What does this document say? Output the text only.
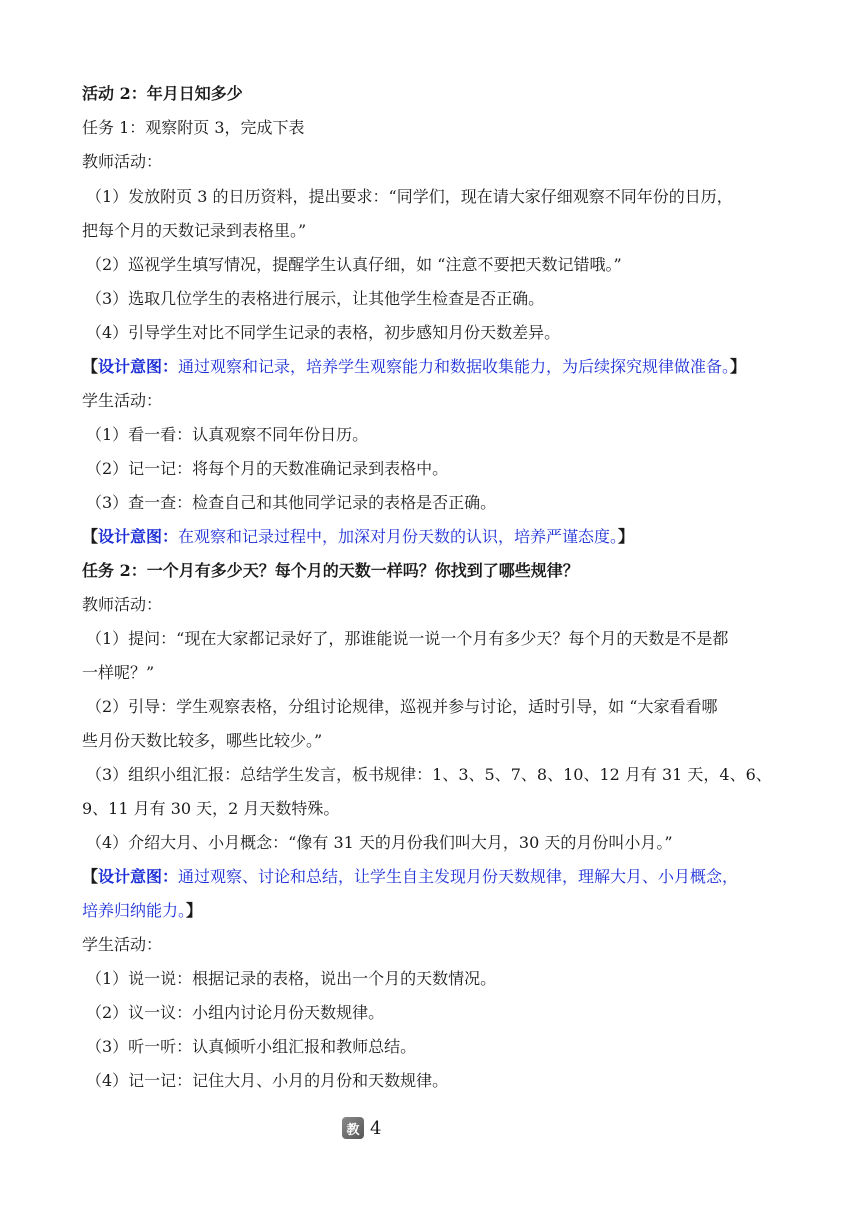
活动 2：年月日知多少
任务 1：观察附页 3，完成下表
教师活动：
（1）发放附页 3 的日历资料，提出要求：“同学们，现在请大家仔细观察不同年份的日历，
把每个月的天数记录到表格里。”
（2）巡视学生填写情况，提醒学生认真仔细，如 “注意不要把天数记错哦。”
（3）选取几位学生的表格进行展示，让其他学生检查是否正确。
（4）引导学生对比不同学生记录的表格，初步感知月份天数差异。
【设计意图：通过观察和记录，培养学生观察能力和数据收集能力，为后续探究规律做准备。】
学生活动：
（1）看一看：认真观察不同年份日历。
（2）记一记：将每个月的天数准确记录到表格中。
（3）查一查：检查自己和其他同学记录的表格是否正确。
【设计意图：在观察和记录过程中，加深对月份天数的认识，培养严谨态度。】
任务 2：一个月有多少天？每个月的天数一样吗？你找到了哪些规律？
教师活动：
（1）提问：“现在大家都记录好了，那谁能说一说一个月有多少天？每个月的天数是不是都
一样呢？”
（2）引导：学生观察表格，分组讨论规律，巡视并参与讨论，适时引导，如 “大家看看哪
些月份天数比较多，哪些比较少。”
（3）组织小组汇报：总结学生发言，板书规律：1、3、5、7、8、10、12 月有 31 天，4、6、
9、11 月有 30 天，2 月天数特殊。
（4）介绍大月、小月概念：“像有 31 天的月份我们叫大月，30 天的月份叫小月。”
【设计意图：通过观察、讨论和总结，让学生自主发现月份天数规律，理解大月、小月概念，
培养归纳能力。】
学生活动：
（1）说一说：根据记录的表格，说出一个月的天数情况。
（2）议一议：小组内讨论月份天数规律。
（3）听一听：认真倾听小组汇报和教师总结。
（4）记一记：记住大月、小月的月份和天数规律。
教 4
